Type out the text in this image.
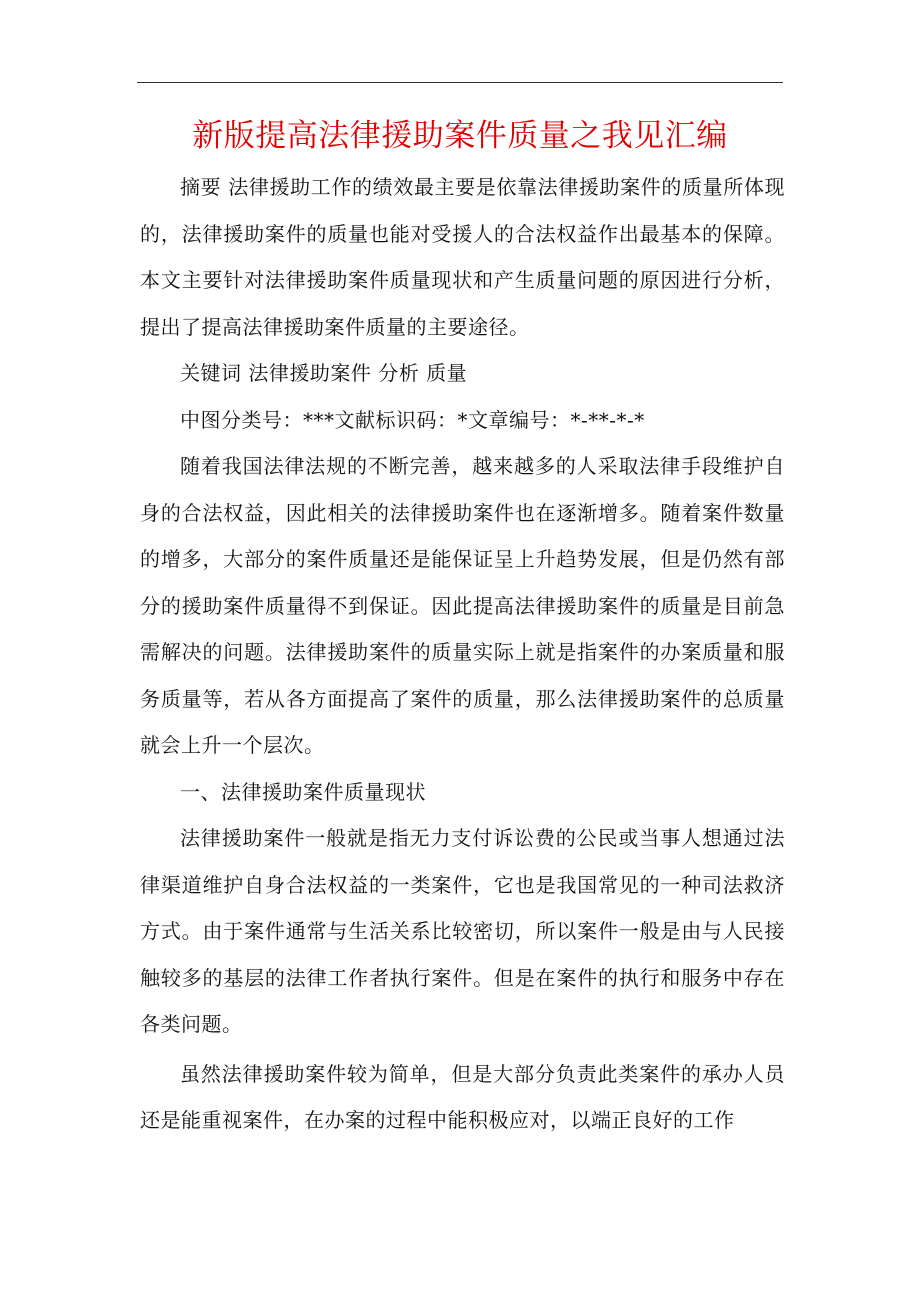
新版提高法律援助案件质量之我见汇编

摘要 法律援助工作的绩效最主要是依靠法律援助案件的质量所体现的，法律援助案件的质量也能对受援人的合法权益作出最基本的保障。本文主要针对法律援助案件质量现状和产生质量问题的原因进行分析，提出了提高法律援助案件质量的主要途径。

关键词 法律援助案件 分析 质量

中图分类号：***文献标识码：*文章编号：*-**-*-*

随着我国法律法规的不断完善，越来越多的人采取法律手段维护自身的合法权益，因此相关的法律援助案件也在逐渐增多。随着案件数量的增多，大部分的案件质量还是能保证呈上升趋势发展，但是仍然有部分的援助案件质量得不到保证。因此提高法律援助案件的质量是目前急需解决的问题。法律援助案件的质量实际上就是指案件的办案质量和服务质量等，若从各方面提高了案件的质量，那么法律援助案件的总质量就会上升一个层次。

一、法律援助案件质量现状

法律援助案件一般就是指无力支付诉讼费的公民或当事人想通过法律渠道维护自身合法权益的一类案件，它也是我国常见的一种司法救济方式。由于案件通常与生活关系比较密切，所以案件一般是由与人民接触较多的基层的法律工作者执行案件。但是在案件的执行和服务中存在各类问题。

虽然法律援助案件较为简单，但是大部分负责此类案件的承办人员还是能重视案件，在办案的过程中能积极应对，以端正良好的工作
